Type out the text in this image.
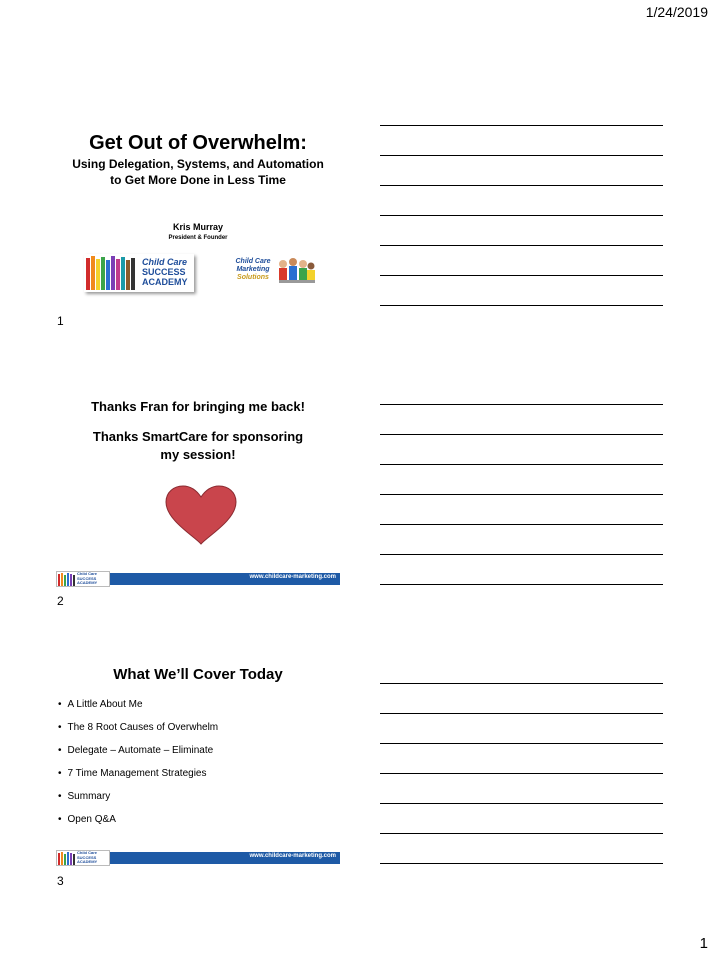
1/24/2019
Get Out of Overwhelm:
Using Delegation, Systems, and Automation
to Get More Done in Less Time
Kris Murray
President & Founder
Child Care
SUCCESS
ACADEMY
Child Care
Marketing
Solutions
1
Thanks Fran for bringing me back!
Thanks SmartCare for sponsoring
my session!
www.childcare-marketing.com
Child Care SUCCESS ACADEMY
2
What We’ll Cover Today
• A Little About Me
• The 8 Root Causes of Overwhelm
• Delegate – Automate – Eliminate
• 7 Time Management Strategies
• Summary
• Open Q&A
www.childcare-marketing.com
Child Care SUCCESS ACADEMY
3
1
